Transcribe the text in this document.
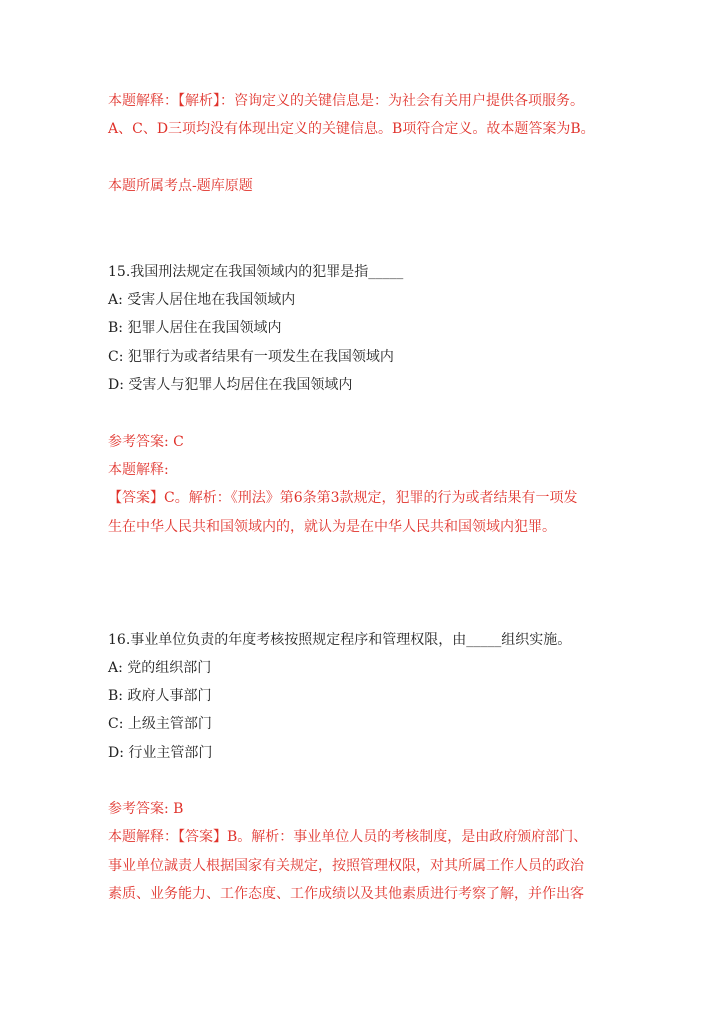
本题解释：【解析】：咨询定义的关键信息是：为社会有关用户提供各项服务。
A、C、D三项均没有体现出定义的关键信息。B项符合定义。故本题答案为B。
本题所属考点-题库原题
15.我国刑法规定在我国领域内的犯罪是指_____
A: 受害人居住地在我国领域内
B: 犯罪人居住在我国领域内
C: 犯罪行为或者结果有一项发生在我国领域内
D: 受害人与犯罪人均居住在我国领域内
参考答案: C
本题解释:
【答案】C。解析：《刑法》第6条第3款规定，犯罪的行为或者结果有一项发
生在中华人民共和国领域内的，就认为是在中华人民共和国领域内犯罪。
16.事业单位负责的年度考核按照规定程序和管理权限，由_____组织实施。
A: 党的组织部门
B: 政府人事部门
C: 上级主管部门
D: 行业主管部门
参考答案: B
本题解释：【答案】B。解析：事业单位人员的考核制度，是由政府颁府部门、
事业单位誠责人根据国家有关规定，按照管理权限，对其所属工作人员的政治
素质、业务能力、工作态度、工作成绩以及其他素质进行考察了解，并作出客
